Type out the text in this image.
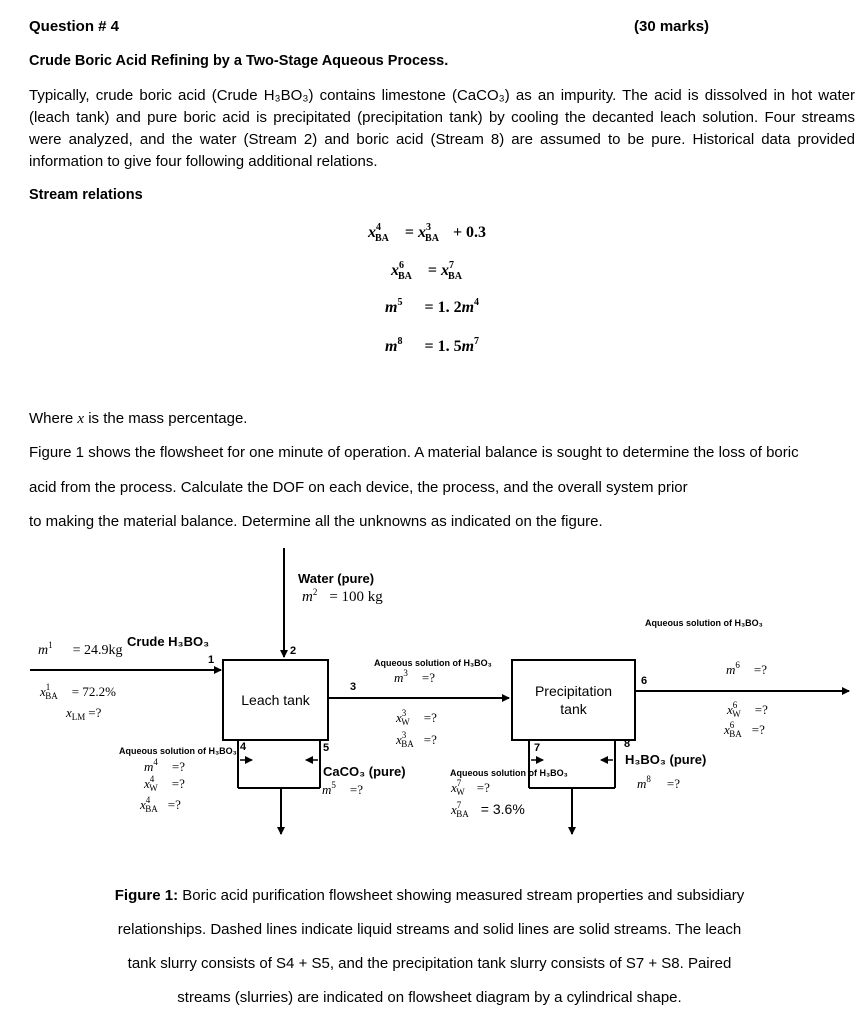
Question # 4	(30 marks)
Crude Boric Acid Refining by a Two-Stage Aqueous Process.
Typically, crude boric acid (Crude H₃BO₃) contains limestone (CaCO₃) as an impurity. The acid is dissolved in hot water (leach tank) and pure boric acid is precipitated (precipitation tank) by cooling the decanted leach solution. Four streams were analyzed, and the water (Stream 2) and boric acid (Stream 8) are assumed to be pure. Historical data provided information to give four following additional relations.
Stream relations
$x^4_{BA} = x^3_{BA} + 0.3$
$x^6_{BA} = x^7_{BA}$
$m^5 = 1$. $2m^4$
$m^8 = 1$. $5m^7$
Where x is the mass percentage.
Figure 1 shows the flowsheet for one minute of operation. A material balance is sought to determine the loss of boric
acid from the process. Calculate the DOF on each device, the process, and the overall system prior
to making the material balance. Determine all the unknowns as indicated on the figure.
Leach tank
Precipitation
tank
1
2
3
4	5
6
7	8
Water (pure)
$m^2 = 100$ kg
Crude H₃BO₃
$m^1 = 24.9kg$
$x^1_{BA} = 72.2\%$
$x_{LM}$ =?
Aqueous solution of H₃BO₃
$m^3$ =?
$x^3_W$ =?
$x^3_{BA}$ =?
Aqueous solution of H₃BO₃
$m^4$ =?
$x^4_W$ =?
$x^4_{BA}$ =?
CaCO₃ (pure)
$m^5$ =?
Aqueous solution of H₃BO₃
$m^6$ =?
$x^6_W$ =?
$x^6_{BA}$ =?
Aqueous solution of H₃BO₃
$x^7_W$ =?
$x^7_{BA} = 3.6\%$
H₃BO₃ (pure)
$m^8$ =?
Figure 1: Boric acid purification flowsheet showing measured stream properties and subsidiary
relationships. Dashed lines indicate liquid streams and solid lines are solid streams. The leach
tank slurry consists of S4 + S5, and the precipitation tank slurry consists of S7 + S8. Paired
streams (slurries) are indicated on flowsheet diagram by a cylindrical shape.
